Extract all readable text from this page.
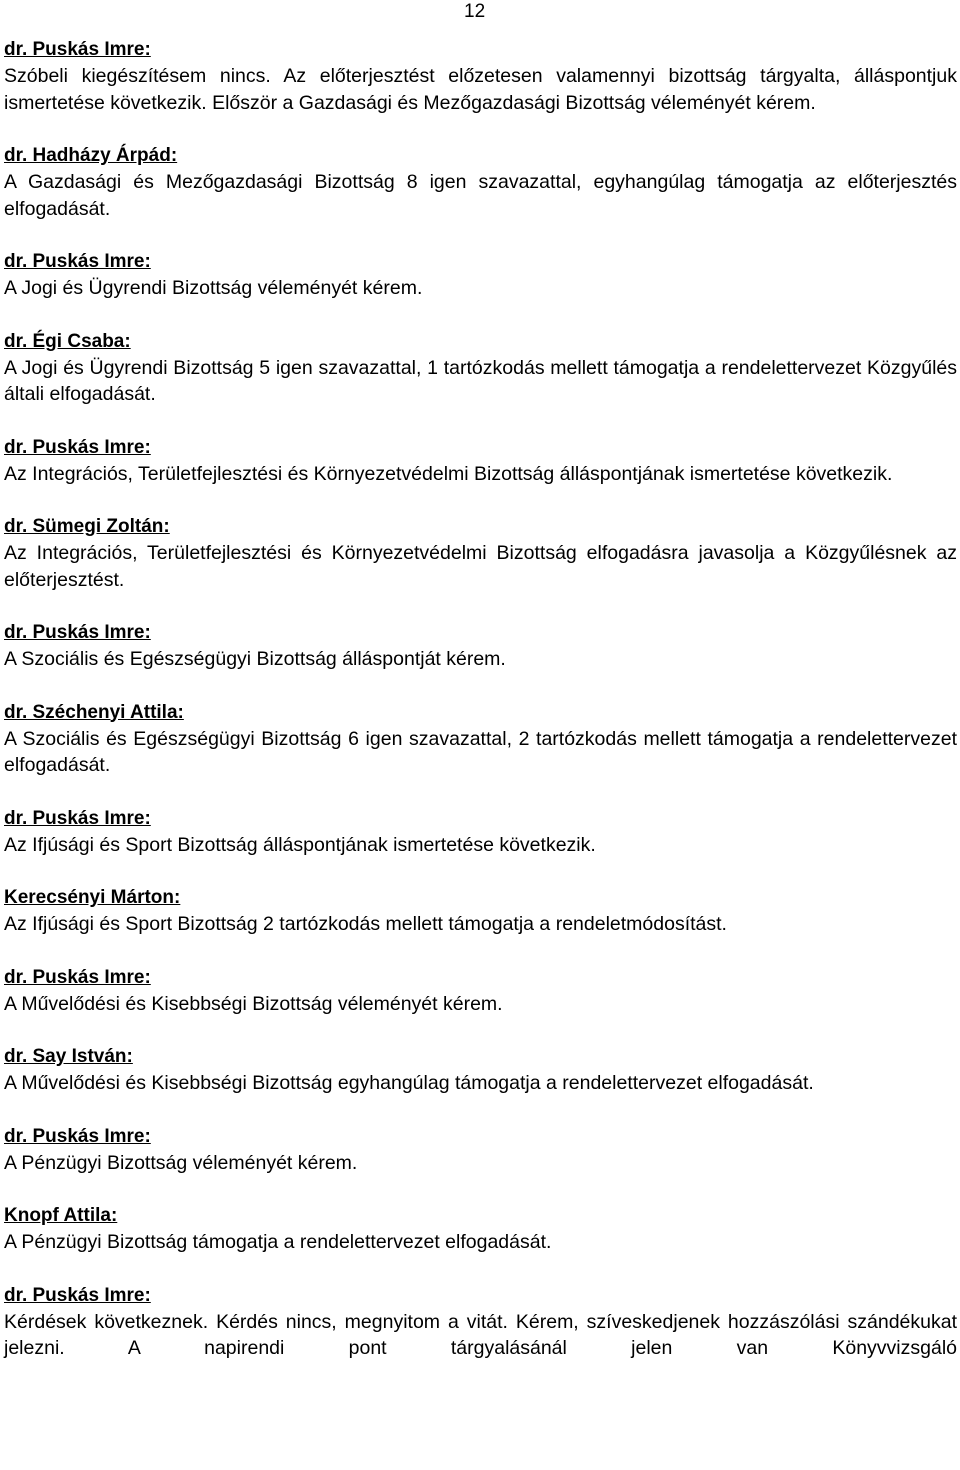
12

dr. Puskás Imre:

Szóbeli kiegészítésem nincs. Az előterjesztést előzetesen valamennyi bizottság tárgyalta, álláspontjuk ismertetése következik. Először a Gazdasági és Mezőgazdasági Bizottság véleményét kérem.

dr. Hadházy Árpád:

A Gazdasági és Mezőgazdasági Bizottság 8 igen szavazattal, egyhangúlag támogatja az előterjesztés elfogadását.

dr. Puskás Imre:

A Jogi és Ügyrendi Bizottság véleményét kérem.

dr. Égi Csaba:

A Jogi és Ügyrendi Bizottság 5 igen szavazattal, 1 tartózkodás mellett támogatja a rendelettervezet Közgyűlés általi elfogadását.

dr. Puskás Imre:

Az Integrációs, Területfejlesztési és Környezetvédelmi Bizottság álláspontjának ismertetése következik.

dr. Sümegi Zoltán:

Az Integrációs, Területfejlesztési és Környezetvédelmi Bizottság elfogadásra javasolja a Közgyűlésnek az előterjesztést.

dr. Puskás Imre:

A Szociális és Egészségügyi Bizottság álláspontját kérem.

dr. Széchenyi Attila:

A Szociális és Egészségügyi Bizottság 6 igen szavazattal, 2 tartózkodás mellett támogatja a rendelettervezet elfogadását.

dr. Puskás Imre:

Az Ifjúsági és Sport Bizottság álláspontjának ismertetése következik.

Kerecsényi Márton:

Az Ifjúsági és Sport Bizottság 2 tartózkodás mellett támogatja a rendeletmódosítást.

dr. Puskás Imre:

A Művelődési és Kisebbségi Bizottság véleményét kérem.

dr. Say István:

A Művelődési és Kisebbségi Bizottság egyhangúlag támogatja a rendelettervezet elfogadását.

dr. Puskás Imre:

A Pénzügyi Bizottság véleményét kérem.

Knopf Attila:

A Pénzügyi Bizottság támogatja a rendelettervezet elfogadását.

dr. Puskás Imre:

Kérdések következnek. Kérdés nincs, megnyitom a vitát. Kérem, szíveskedjenek hozzászólási szándékukat jelezni. A napirendi pont tárgyalásánál jelen van Könyvvizsgáló
